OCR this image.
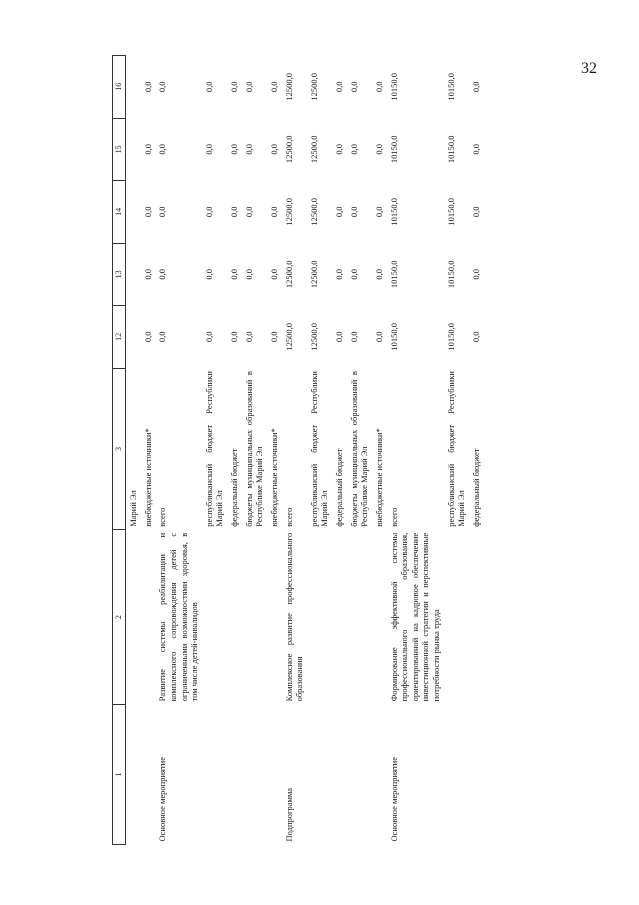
32
1	2	3	12	13	14	15	16
		Марий Эл					
		внебюджетные источники*	0,0	0,0	0,0	0,0	0,0
Основное мероприятие	Развитие системы реабилитации и комплексного сопровождения детей с ограниченными возможностями здоровья, в том числе детей-инвалидов	всего	0,0	0,0	0,0	0,0	0,0
		республиканский бюджет Республики Марий Эл	0,0	0,0	0,0	0,0	0,0
		федеральный бюджет	0,0	0,0	0,0	0,0	0,0
		бюджеты муниципальных образований в Республике Марий Эл	0,0	0,0	0,0	0,0	0,0
		внебюджетные источники*	0,0	0,0	0,0	0,0	0,0
Подпрограмма	Комплексное развитие профессионального образования	всего	12500,0	12500,0	12500,0	12500,0	12500,0
		республиканский бюджет Республики Марий Эл	12500,0	12500,0	12500,0	12500,0	12500,0
		федеральный бюджет	0,0	0,0	0,0	0,0	0,0
		бюджеты муниципальных образований в Республике Марий Эл	0,0	0,0	0,0	0,0	0,0
		внебюджетные источники*	0,0	0,0	0,0	0,0	0,0
Основное мероприятие	Формирование эффективной системы профессионального образования, ориентированной на кадровое обеспечение инвестиционной стратегии и перспективные потребности рынка труда	всего	10150,0	10150,0	10150,0	10150,0	10150,0
		республиканский бюджет Республики Марий Эл	10150,0	10150,0	10150,0	10150,0	10150,0
		федеральный бюджет	0,0	0,0	0,0	0,0	0,0
